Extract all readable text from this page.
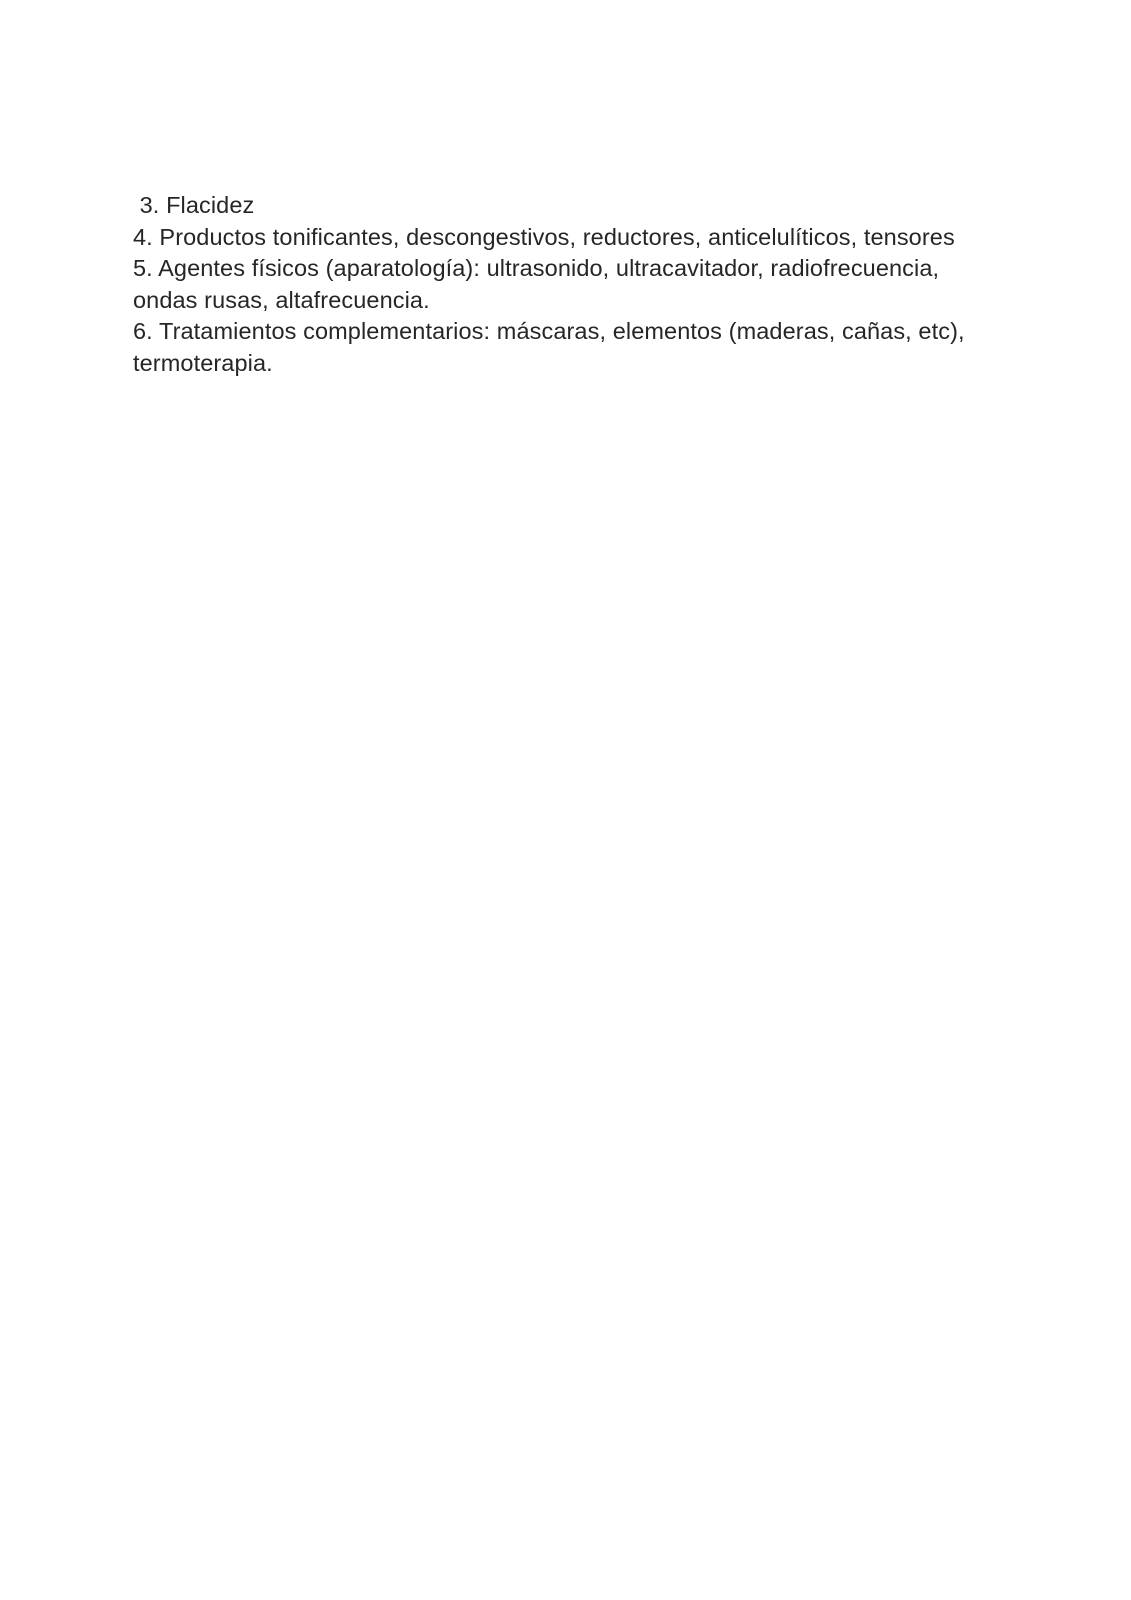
3. Flacidez

4. Productos tonificantes, descongestivos, reductores, anticelulíticos, tensores

5. Agentes físicos (aparatología): ultrasonido, ultracavitador, radiofrecuencia, ondas rusas, altafrecuencia.

6. Tratamientos complementarios: máscaras, elementos (maderas, cañas, etc), termoterapia.
